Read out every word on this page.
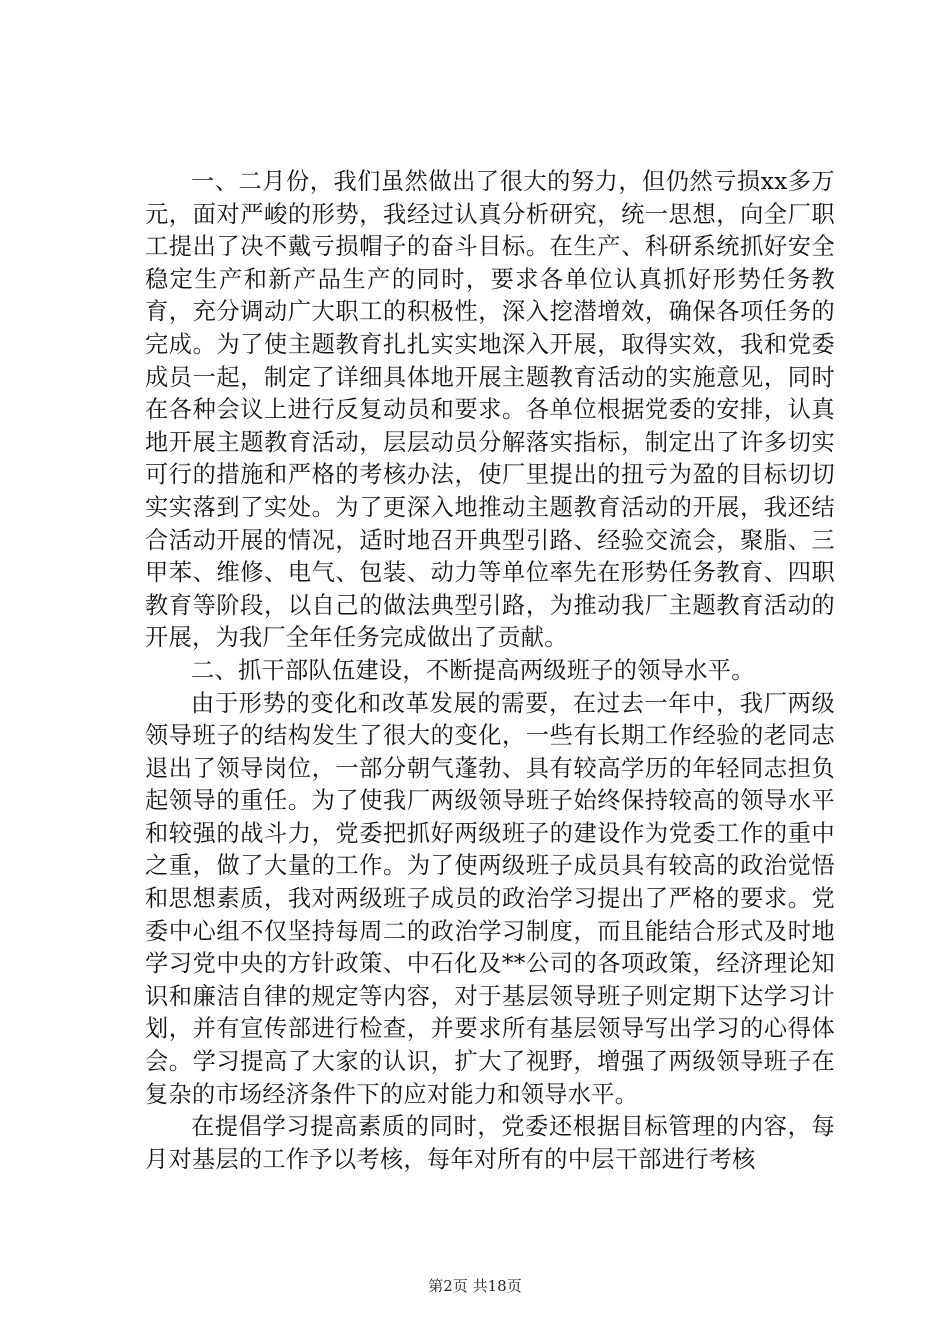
一、二月份，我们虽然做出了很大的努力，但仍然亏损xx多万元，面对严峻的形势，我经过认真分析研究，统一思想，向全厂职工提出了决不戴亏损帽子的奋斗目标。在生产、科研系统抓好安全稳定生产和新产品生产的同时，要求各单位认真抓好形势任务教育，充分调动广大职工的积极性，深入挖潜增效，确保各项任务的完成。为了使主题教育扎扎实实地深入开展，取得实效，我和党委成员一起，制定了详细具体地开展主题教育活动的实施意见，同时在各种会议上进行反复动员和要求。各单位根据党委的安排，认真地开展主题教育活动，层层动员分解落实指标，制定出了许多切实可行的措施和严格的考核办法，使厂里提出的扭亏为盈的目标切切实实落到了实处。为了更深入地推动主题教育活动的开展，我还结合活动开展的情况，适时地召开典型引路、经验交流会，聚脂、三甲苯、维修、电气、包装、动力等单位率先在形势任务教育、四职教育等阶段，以自己的做法典型引路，为推动我厂主题教育活动的开展，为我厂全年任务完成做出了贡献。

二、抓干部队伍建设，不断提高两级班子的领导水平。

由于形势的变化和改革发展的需要，在过去一年中，我厂两级领导班子的结构发生了很大的变化，一些有长期工作经验的老同志退出了领导岗位，一部分朝气蓬勃、具有较高学历的年轻同志担负起领导的重任。为了使我厂两级领导班子始终保持较高的领导水平和较强的战斗力，党委把抓好两级班子的建设作为党委工作的重中之重，做了大量的工作。为了使两级班子成员具有较高的政治觉悟和思想素质，我对两级班子成员的政治学习提出了严格的要求。党委中心组不仅坚持每周二的政治学习制度，而且能结合形式及时地学习党中央的方针政策、中石化及**公司的各项政策，经济理论知识和廉洁自律的规定等内容，对于基层领导班子则定期下达学习计划，并有宣传部进行检查，并要求所有基层领导写出学习的心得体会。学习提高了大家的认识，扩大了视野，增强了两级领导班子在复杂的市场经济条件下的应对能力和领导水平。

在提倡学习提高素质的同时，党委还根据目标管理的内容，每月对基层的工作予以考核，每年对所有的中层干部进行考核

第2页 共18页
